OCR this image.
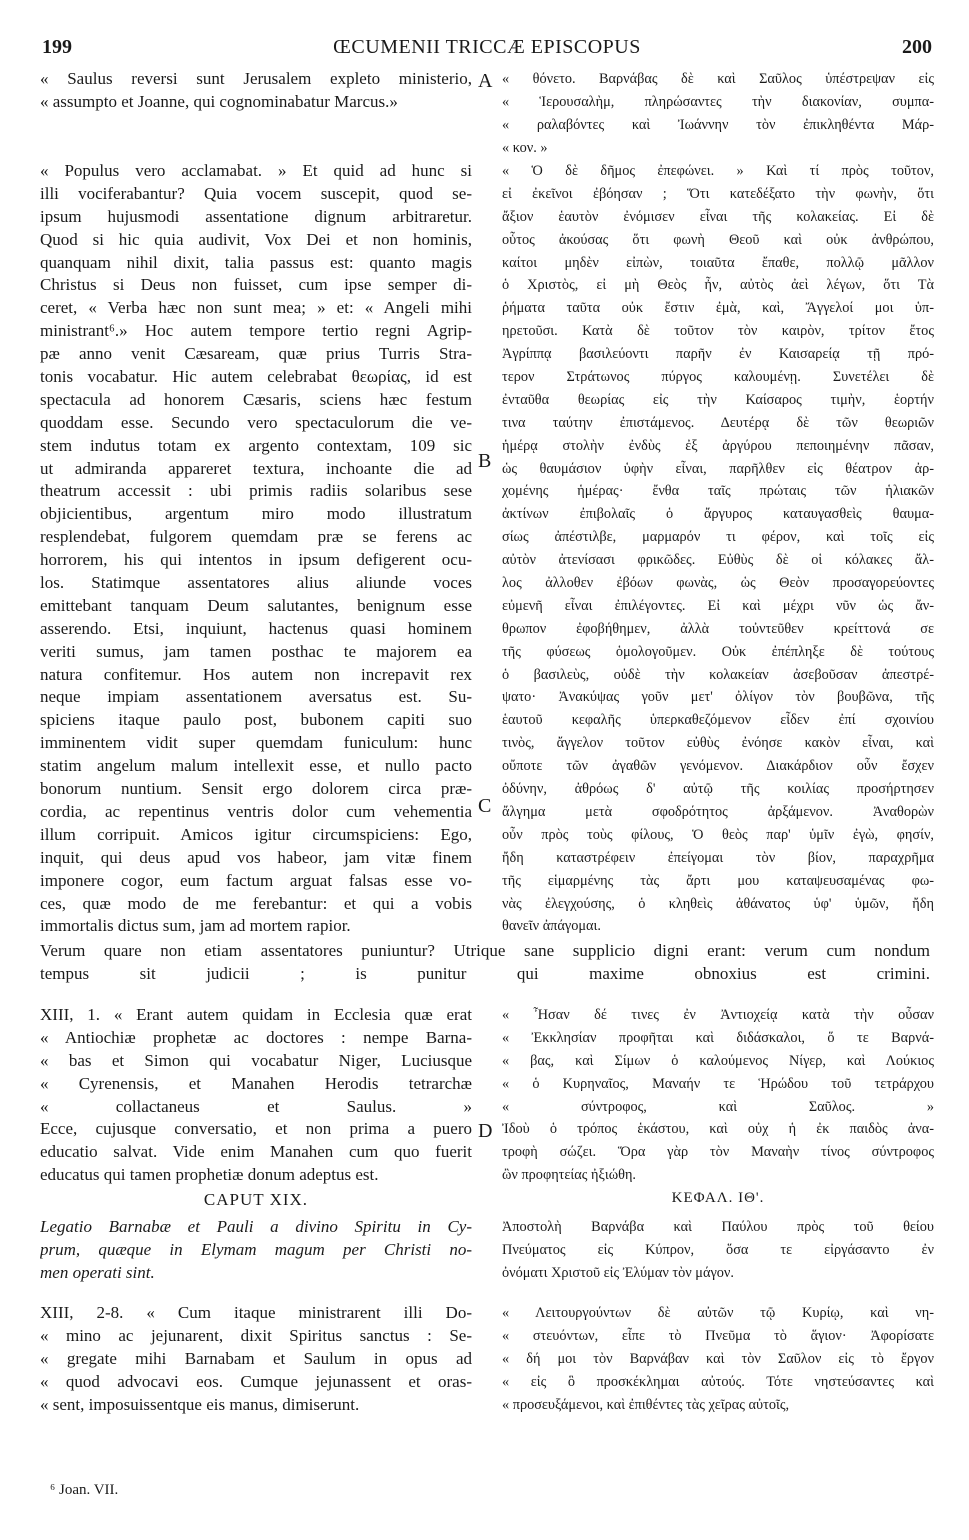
199	ŒCUMENII TRICCÆ EPISCOPUS	200
A
B
C
D
« Saulus reversi sunt Jerusalem expleto ministerio,
« assumpto et Joanne, qui cognominabatur Marcus.»
« Populus vero acclamabat. » Et quid ad hunc si
illi vociferabantur? Quia vocem suscepit, quod se-
ipsum hujusmodi assentatione dignum arbitraretur.
Quod si hic quia audivit, Vox Dei et non hominis,
quanquam nihil dixit, talia passus est: quanto magis
Christus si Deus non fuisset, cum ipse semper di-
ceret, « Verba hæc non sunt mea; » et: « Angeli mihi
ministrant⁶.» Hoc autem tempore tertio regni Agrip-
pæ anno venit Cæsaream, quæ prius Turris Stra-
tonis vocabatur. Hic autem celebrabat θεωρίας, id est
spectacula ad honorem Cæsaris, sciens hæc festum
quoddam esse. Secundo vero spectaculorum die ve-
stem indutus totam ex argento contextam, 109 sic
ut admiranda appareret textura, inchoante die ad
theatrum accessit : ubi primis radiis solaribus sese
objicientibus, argentum miro modo illustratum
resplendebat, fulgorem quemdam præ se ferens ac
horrorem, his qui intentos in ipsum defigerent ocu-
los. Statimque assentatores alius aliunde voces
emittebant tanquam Deum salutantes, benignum esse
asserendo. Etsi, inquiunt, hactenus quasi hominem
veriti sumus, jam tamen posthac te majorem ea
natura confitemur. Hos autem non increpavit rex
neque impiam assentationem aversatus est. Su-
spiciens itaque paulo post, bubonem capiti suo
imminentem vidit super quemdam funiculum: hunc
statim angelum malum intellexit esse, et nullo pacto
bonorum nuntium. Sensit ergo dolorem circa præ-
cordia, ac repentinus ventris dolor cum vehementia
illum corripuit. Amicos igitur circumspiciens: Ego,
inquit, qui deus apud vos habeor, jam vitæ finem
imponere cogor, eum factum arguat falsas esse vo-
ces, quæ modo de me ferebantur: et qui a vobis
immortalis dictus sum, jam ad mortem rapior.
« θόνετο. Βαρνάβας δὲ καὶ Σαῦλος ὑπέστρεψαν εἰς
« Ἱερουσαλὴμ, πληρώσαντες τὴν διακονίαν, συμπα-
« ραλαβόντες καὶ Ἰωάννην τὸν ἐπικληθέντα Μάρ-
« κον. »
« Ὁ δὲ δῆμος ἐπεφώνει. » Καὶ τί πρὸς τοῦτον,
εἰ ἐκεῖνοι ἐβόησαν ; Ὅτι κατεδέξατο τὴν φωνὴν, ὅτι
ἄξιον ἑαυτὸν ἐνόμισεν εἶναι τῆς κολακείας. Εἰ δὲ
οὗτος ἀκούσας ὅτι φωνὴ Θεοῦ καὶ οὐκ ἀνθρώπου,
καίτοι μηδὲν εἰπὼν, τοιαῦτα ἔπαθε, πολλῷ μᾶλλον
ὁ Χριστὸς, εἰ μὴ Θεὸς ἦν, αὐτὸς ἀεὶ λέγων, ὅτι Τὰ
ῥήματα ταῦτα οὐκ ἔστιν ἐμὰ, καὶ, Ἄγγελοί μοι ὑπ-
ηρετοῦσι. Κατὰ δὲ τοῦτον τὸν καιρὸν, τρίτον ἔτος
Ἀγρίππᾳ βασιλεύοντι παρῆν ἐν Καισαρείᾳ τῇ πρό-
τερον Στράτωνος πύργος καλουμένῃ. Συνετέλει δὲ
ἐνταῦθα θεωρίας εἰς τὴν Καίσαρος τιμὴν, ἑορτήν
τινα ταύτην ἐπιστάμενος. Δευτέρᾳ δὲ τῶν θεωριῶν
ἡμέρᾳ στολὴν ἐνδὺς ἐξ ἀργύρου πεποιημένην πᾶσαν,
ὡς θαυμάσιον ὑφὴν εἶναι, παρῆλθεν εἰς θέατρον ἀρ-
χομένης ἡμέρας· ἔνθα ταῖς πρώταις τῶν ἡλιακῶν
ἀκτίνων ἐπιβολαῖς ὁ ἄργυρος καταυγασθεὶς θαυμα-
σίως ἀπέστιλβε, μαρμαρόν τι φέρον, καὶ τοῖς εἰς
αὐτὸν ἀτενίσασι φρικῶδες. Εὐθὺς δὲ οἱ κόλακες ἄλ-
λος ἀλλοθεν ἐβόων φωνὰς, ὡς Θεὸν προσαγορεύοντες
εὐμενῆ εἶναι ἐπιλέγοντες. Εἰ καὶ μέχρι νῦν ὡς ἄν-
θρωπον ἐφοβήθημεν, ἀλλὰ τοὐντεῦθεν κρείττονά σε
τῆς φύσεως ὁμολογοῦμεν. Οὐκ ἐπέπληξε δὲ τούτους
ὁ βασιλεὺς, οὐδὲ τὴν κολακείαν ἀσεβοῦσαν ἀπεστρέ-
ψατο· Ἀνακύψας γοῦν μετ' ὀλίγον τὸν βουβῶνα, τῆς
ἑαυτοῦ κεφαλῆς ὑπερκαθεζόμενον εἶδεν ἐπί σχοινίου
τινὸς, ἄγγελον τοῦτον εὐθὺς ἐνόησε κακὸν εἶναι, καὶ
οὔποτε τῶν ἀγαθῶν γενόμενον. Διακάρδιον οὖν ἔσχεν
ὀδύνην, ἀθρόως δ' αὐτῷ τῆς κοιλίας προσήρτησεν
ἄλγημα μετὰ σφοδρότητος ἀρξάμενον. Ἀναθορὼν
οὖν πρὸς τοὺς φίλους, Ὁ θεὸς παρ' ὑμῖν ἐγὼ, φησίν,
ἤδη καταστρέφειν ἐπείγομαι τὸν βίον, παραχρῆμα
τῆς εἱμαρμένης τὰς ἄρτι μου καταψευσαμένας φω-
νὰς ἐλεγχούσης, ὁ κληθεὶς ἀθάνατος ὑφ' ὑμῶν, ἤδη
θανεῖν ἀπάγομαι.
Verum quare non etiam assentatores puniuntur? Utrique sane supplicio digni erant: verum cum nondum
tempus sit judicii ; is punitur qui maxime obnoxius est crimini.
XIII, 1. « Erant autem quidam in Ecclesia quæ erat
« Antiochiæ prophetæ ac doctores : nempe Barna-
« bas et Simon qui vocabatur Niger, Luciusque
« Cyrenensis, et Manahen Herodis tetrarchæ
« collactaneus et Saulus. »
Ecce, cujusque conversatio, et non prima a puero
educatio salvat. Vide enim Manahen cum quo fuerit
educatus qui tamen prophetiæ donum adeptus est.
« Ἦσαν δέ τινες ἐν Ἀντιοχείᾳ κατὰ τὴν οὖσαν
« Ἐκκλησίαν προφῆται καὶ διδάσκαλοι, ὅ τε Βαρνά-
« βας, καὶ Σίμων ὁ καλούμενος Νίγερ, καὶ Λούκιος
« ὁ Κυρηναῖος, Μαναήν τε Ἡρώδου τοῦ τετράρχου
« σύντροφος, καὶ Σαῦλος. »
Ἰδοὺ ὁ τρόπος ἑκάστου, καὶ οὐχ ἡ ἐκ παιδὸς ἀνα-
τροφὴ σώζει. Ὅρα γὰρ τὸν Μαναὴν τίνος σύντροφος
ὢν προφητείας ἠξιώθη.
CAPUT XIX.	ΚΕΦΑΛ. ΙΘ'.
Legatio Barnabæ et Pauli a divino Spiritu in Cy-
prum, quæque in Elymam magum per Christi no-
men operati sint.
Ἀποστολὴ Βαρνάβα καὶ Παύλου πρὸς τοῦ θείου
Πνεύματος εἰς Κύπρον, ὅσα τε εἰργάσαντο ἐν
ὀνόματι Χριστοῦ εἰς Ἐλύμαν τὸν μάγον.
XIII, 2-8. « Cum itaque ministrarent illi Do-
« mino ac jejunarent, dixit Spiritus sanctus : Se-
« gregate mihi Barnabam et Saulum in opus ad
« quod advocavi eos. Cumque jejunassent et oras-
« sent, imposuissentque eis manus, dimiserunt.
« Λειτουργούντων δὲ αὐτῶν τῷ Κυρίῳ, καὶ νη-
« στευόντων, εἶπε τὸ Πνεῦμα τὸ ἅγιον· Ἀφορίσατε
« δή μοι τὸν Βαρνάβαν καὶ τὸν Σαῦλον εἰς τὸ ἔργον
« εἰς ὃ προσκέκλημαι αὐτούς. Τότε νηστεύσαντες καὶ
« προσευξάμενοι, καὶ ἐπιθέντες τὰς χεῖρας αὐτοῖς,
⁶ Joan. VII.
